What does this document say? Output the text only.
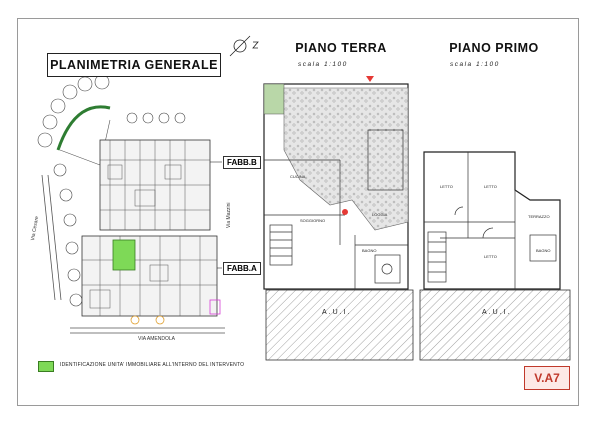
CUCINA
SOGGIORNO
LOGGIA
BAGNO
LETTO	LETTO
LETTO
TERRAZZO
BAGNO
PLANIMETRIA GENERALE
PIANO TERRA	PIANO PRIMO
scala 1:100	scala 1:100
FABB.B
FABB.A
Via Cesare
VIA AMENDOLA
Via Mazzini
A.U.I.	A.U.I.
IDENTIFICAZIONE UNITA' IMMOBILIARE ALL'INTERNO DEL INTERVENTO
V.A7
